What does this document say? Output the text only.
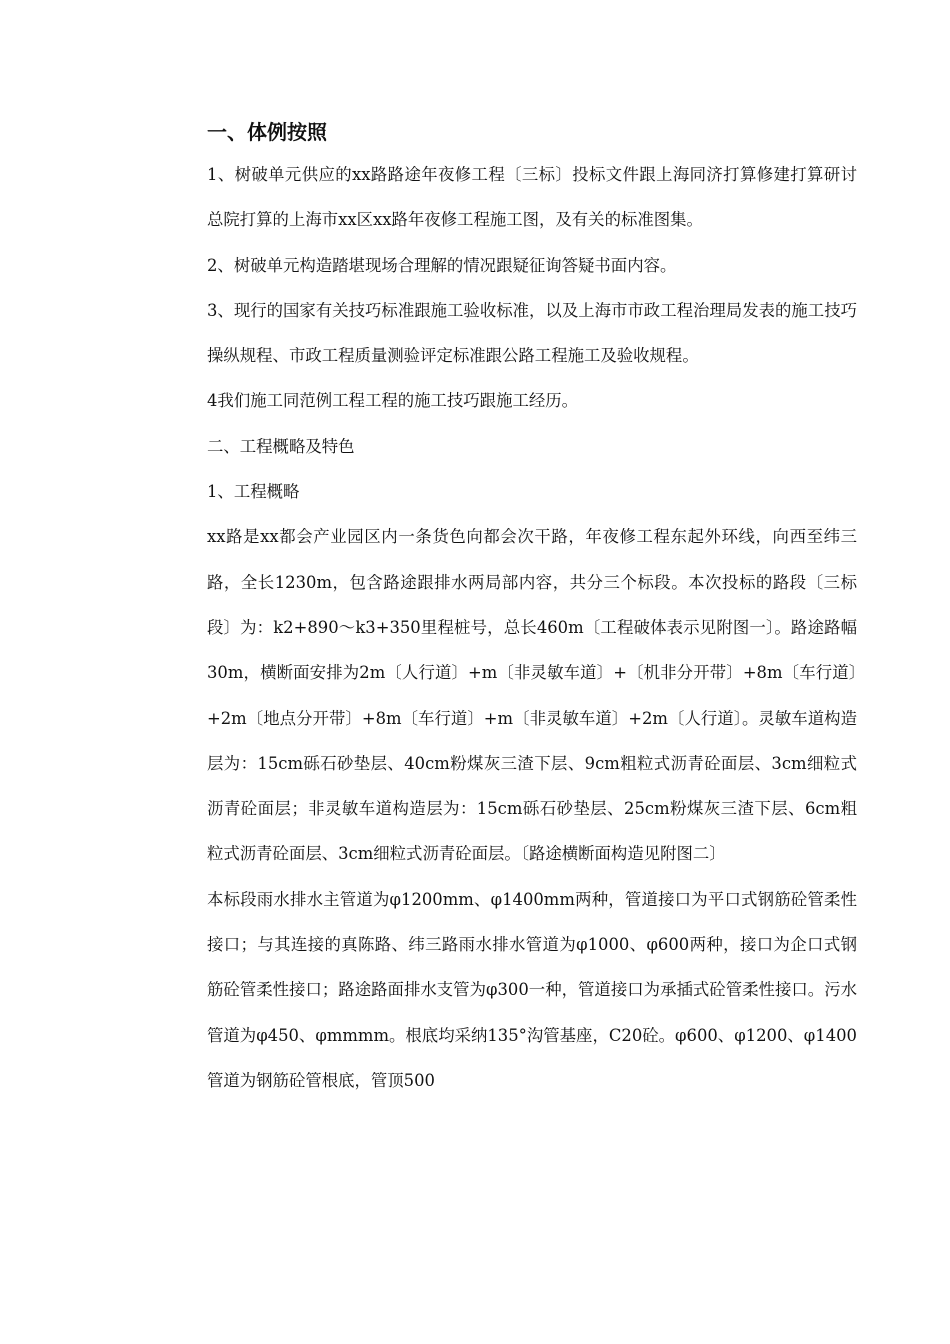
一、体例按照

1、树破单元供应的xx路路途年夜修工程〔三标〕投标文件跟上海同济打算修建打算研讨总院打算的上海市xx区xx路年夜修工程施工图，及有关的标准图集。

2、树破单元构造踏堪现场合理解的情况跟疑征询答疑书面内容。

3、现行的国家有关技巧标准跟施工验收标准，以及上海市市政工程治理局发表的施工技巧操纵规程、市政工程质量测验评定标准跟公路工程施工及验收规程。

4我们施工同范例工程工程的施工技巧跟施工经历。

二、工程概略及特色

1、工程概略

xx路是xx都会产业园区内一条货色向都会次干路，年夜修工程东起外环线，向西至纬三路，全长1230m，包含路途跟排水两局部内容，共分三个标段。本次投标的路段〔三标段〕为：k2+890～k3+350里程桩号，总长460m〔工程破体表示见附图一〕。路途路幅30m，横断面安排为2m〔人行道〕+m〔非灵敏车道〕+〔机非分开带〕+8m〔车行道〕+2m〔地点分开带〕+8m〔车行道〕+m〔非灵敏车道〕+2m〔人行道〕。灵敏车道构造层为：15cm砾石砂垫层、40cm粉煤灰三渣下层、9cm粗粒式沥青砼面层、3cm细粒式沥青砼面层；非灵敏车道构造层为：15cm砾石砂垫层、25cm粉煤灰三渣下层、6cm粗粒式沥青砼面层、3cm细粒式沥青砼面层。〔路途横断面构造见附图二〕

本标段雨水排水主管道为φ1200mm、φ1400mm两种，管道接口为平口式钢筋砼管柔性接口；与其连接的真陈路、纬三路雨水排水管道为φ1000、φ600两种，接口为企口式钢筋砼管柔性接口；路途路面排水支管为φ300一种，管道接口为承插式砼管柔性接口。污水管道为φ450、φmmmm。根底均采纳135°沟管基座，C20砼。φ600、φ1200、φ1400管道为钢筋砼管根底，管顶500
